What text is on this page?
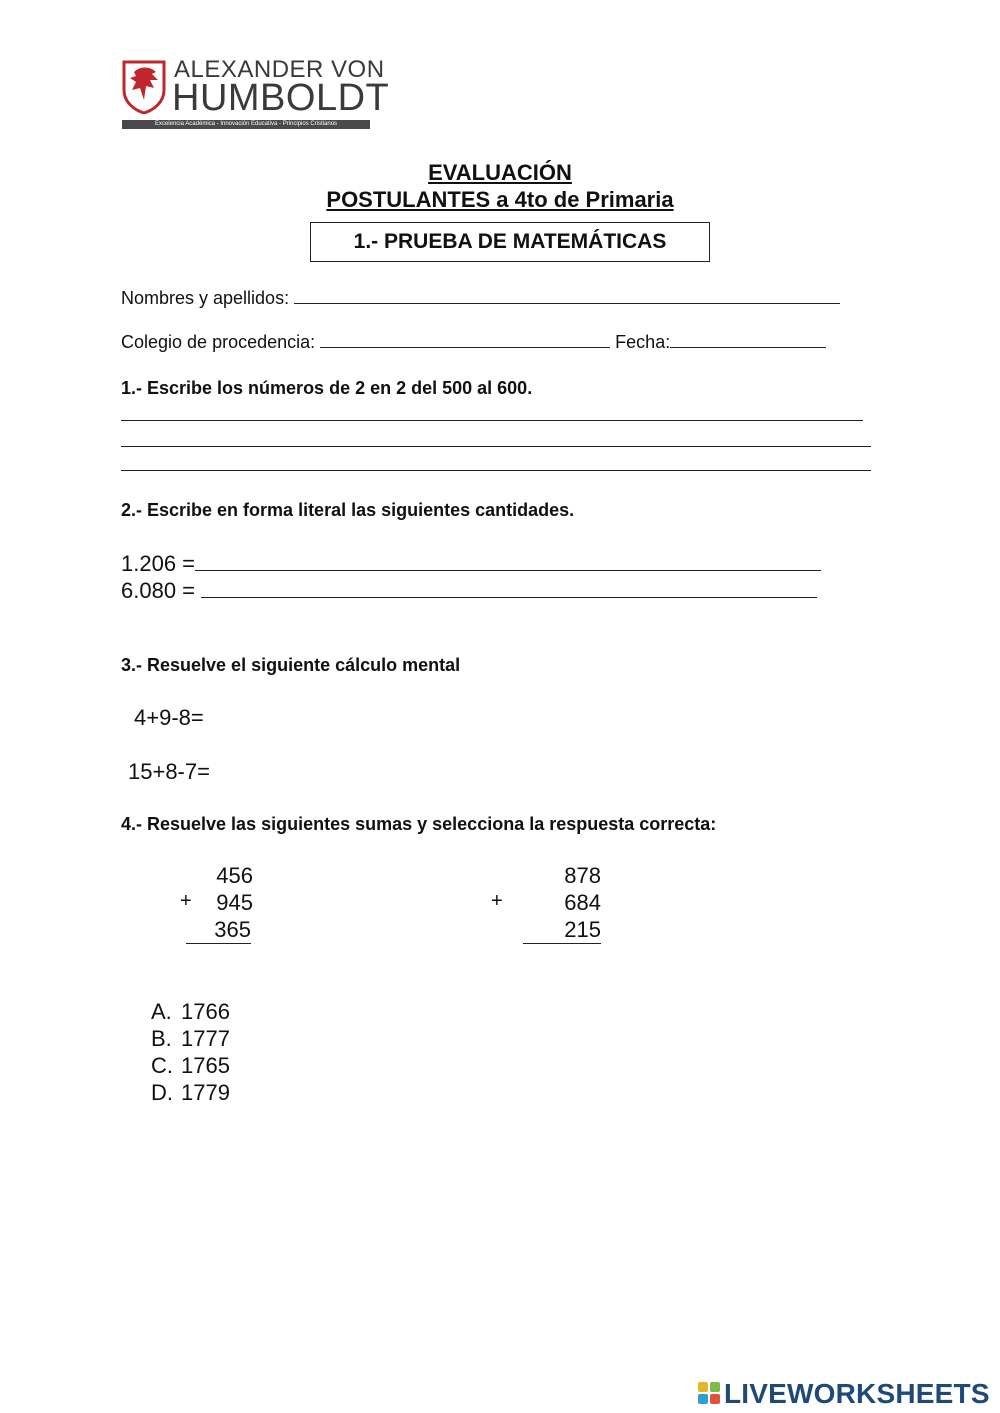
ALEXANDER VON
HUMBOLDT
Excelencia Académica - Innovación Educativa - Principios Cristianos
EVALUACIÓN
POSTULANTES a 4to de Primaria
1.- PRUEBA DE MATEMÁTICAS
Nombres y apellidos:
Colegio de procedencia:	Fecha:
1.- Escribe los números de 2 en 2 del 500 al 600.
2.- Escribe en forma literal las siguientes cantidades.
1.206 =
6.080 =
3.- Resuelve el siguiente cálculo mental
4+9-8=
15+8-7=
4.- Resuelve las siguientes sumas y selecciona la respuesta correcta:
456
+	945
365
878
+	684
215
A. 1766
B. 1777
C. 1765
D. 1779
LIVEWORKSHEETS
